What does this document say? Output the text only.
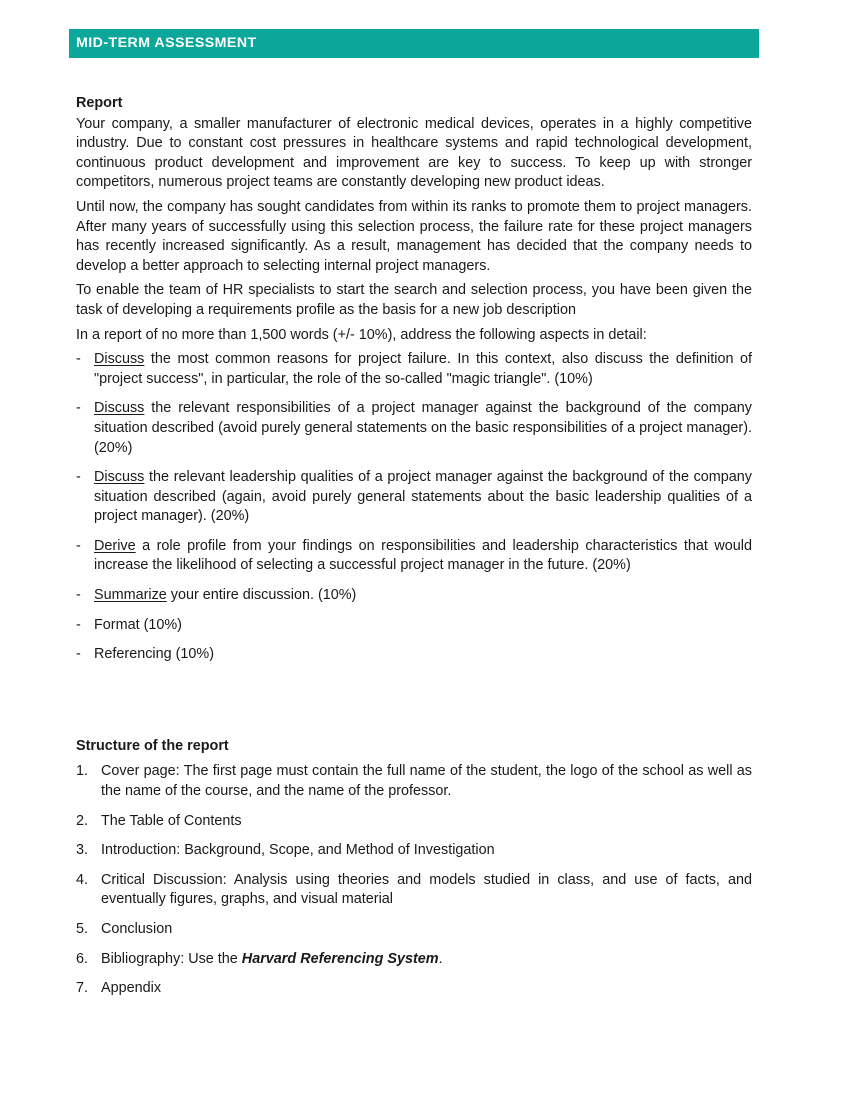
MID-TERM ASSESSMENT
Report

Your company, a smaller manufacturer of electronic medical devices, operates in a highly competitive industry. Due to constant cost pressures in healthcare systems and rapid technological development, continuous product development and improvement are key to success. To keep up with stronger competitors, numerous project teams are constantly developing new product ideas.

Until now, the company has sought candidates from within its ranks to promote them to project managers. After many years of successfully using this selection process, the failure rate for these project managers has recently increased significantly. As a result, management has decided that the company needs to develop a better approach to selecting internal project managers.

To enable the team of HR specialists to start the search and selection process, you have been given the task of developing a requirements profile as the basis for a new job description

In a report of no more than 1,500 words (+/- 10%), address the following aspects in detail:

- Discuss the most common reasons for project failure. In this context, also discuss the definition of "project success", in particular, the role of the so-called "magic triangle". (10%)
- Discuss the relevant responsibilities of a project manager against the background of the company situation described (avoid purely general statements on the basic responsibilities of a project manager). (20%)
- Discuss the relevant leadership qualities of a project manager against the background of the company situation described (again, avoid purely general statements about the basic leadership qualities of a project manager). (20%)
- Derive a role profile from your findings on responsibilities and leadership characteristics that would increase the likelihood of selecting a successful project manager in the future. (20%)
- Summarize your entire discussion. (10%)
- Format (10%)
- Referencing (10%)
Structure of the report
1. Cover page: The first page must contain the full name of the student, the logo of the school as well as the name of the course, and the name of the professor.
2. The Table of Contents
3. Introduction: Background, Scope, and Method of Investigation
4. Critical Discussion: Analysis using theories and models studied in class, and use of facts, and eventually figures, graphs, and visual material
5. Conclusion
6. Bibliography: Use the Harvard Referencing System.
7. Appendix
